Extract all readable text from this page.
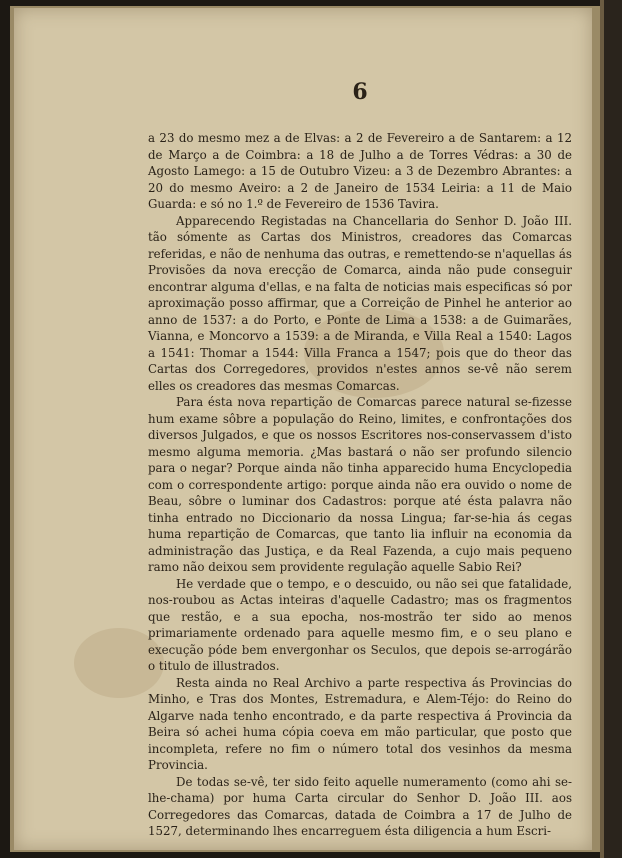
6

a 23 do mesmo mez a de Elvas: a 2 de Fevereiro a de Santarem: a 12 de Março a de Coimbra: a 18 de Julho a de Torres Védras: a 30 de Agosto Lamego: a 15 de Outubro Vizeu: a 3 de Dezembro Abrantes: a 20 do mesmo Aveiro: a 2 de Janeiro de 1534 Leiria: a 11 de Maio Guarda: e só no 1.º de Fevereiro de 1536 Tavira.

Apparecendo Registadas na Chancellaria do Senhor D. João III. tão sómente as Cartas dos Ministros, creadores das Comarcas referidas, e não de nenhuma das outras, e remettendo-se n'aquellas ás Provisões da nova erecção de Comarca, ainda não pude conseguir encontrar alguma d'ellas, e na falta de noticias mais especificas só por aproximação posso affirmar, que a Correição de Pinhel he anterior ao anno de 1537: a do Porto, e Ponte de Lima a 1538: a de Guimarães, Vianna, e Moncorvo a 1539: a de Miranda, e Villa Real a 1540: Lagos a 1541: Thomar a 1544: Villa Franca a 1547; pois que do theor das Cartas dos Corregedores, providos n'estes annos se-vê não serem elles os creadores das mesmas Comarcas.

Para ésta nova repartição de Comarcas parece natural se-fizesse hum exame sôbre a população do Reino, limites, e confrontações dos diversos Julgados, e que os nossos Escritores nos-conservassem d'isto mesmo alguma memoria. ¿Mas bastará o não ser profundo silencio para o negar? Porque ainda não tinha apparecido huma Encyclopedia com o correspondente artigo: porque ainda não era ouvido o nome de Beau, sôbre o luminar dos Cadastros: porque até ésta palavra não tinha entrado no Diccionario da nossa Lingua; far-se-hia ás cegas huma repartição de Comarcas, que tanto lia influir na economia da administração das Justiça, e da Real Fazenda, a cujo mais pequeno ramo não deixou sem providente regulação aquelle Sabio Rei?

He verdade que o tempo, e o descuido, ou não sei que fatalidade, nos-roubou as Actas inteiras d'aquelle Cadastro; mas os fragmentos que restão, e a sua epocha, nos-mostrão ter sido ao menos primariamente ordenado para aquelle mesmo fim, e o seu plano e execução póde bem envergonhar os Seculos, que depois se-arrogárão o titulo de illustrados.

Resta ainda no Real Archivo a parte respectiva ás Provincias do Minho, e Tras dos Montes, Estremadura, e Alem-Téjo: do Reino do Algarve nada tenho encontrado, e da parte respectiva á Provincia da Beira só achei huma cópia coeva em mão particular, que posto que incompleta, refere no fim o número total dos vesinhos da mesma Provincia.

De todas se-vê, ter sido feito aquelle numeramento (como ahi se-lhe-chama) por huma Carta circular do Senhor D. João III. aos Corregedores das Comarcas, datada de Coimbra a 17 de Julho de 1527, determinando lhes encarreguem ésta diligencia a hum Escri-
